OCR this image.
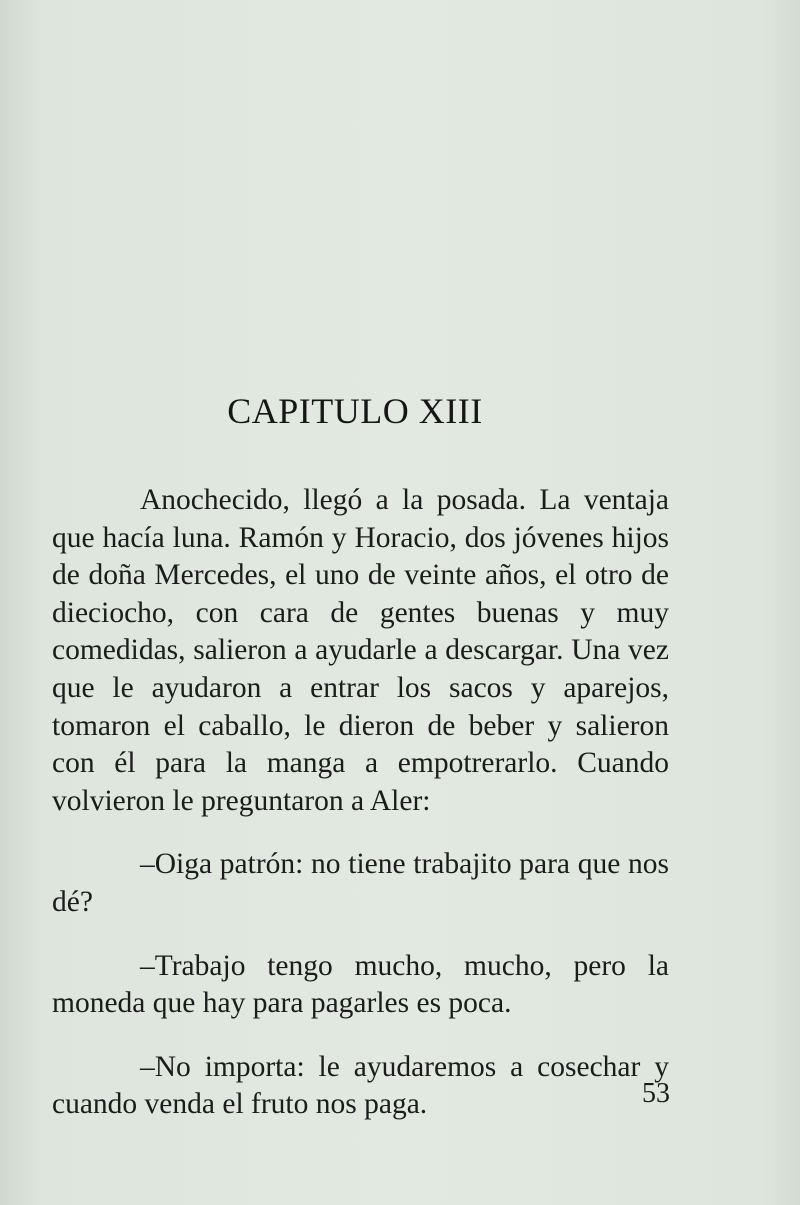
CAPITULO XIII

Anochecido, llegó a la posada. La ventaja que hacía luna. Ramón y Horacio, dos jóvenes hijos de doña Mercedes, el uno de veinte años, el otro de dieciocho, con cara de gentes buenas y muy comedidas, salieron a ayudarle a descargar. Una vez que le ayudaron a entrar los sacos y aparejos, tomaron el caballo, le dieron de beber y salieron con él para la manga a empotrerarlo. Cuando volvieron le preguntaron a Aler:

–Oiga patrón: no tiene trabajito para que nos dé?

–Trabajo tengo mucho, mucho, pero la moneda que hay para pagarles es poca.

–No importa: le ayudaremos a cosechar y cuando venda el fruto nos paga.	53
